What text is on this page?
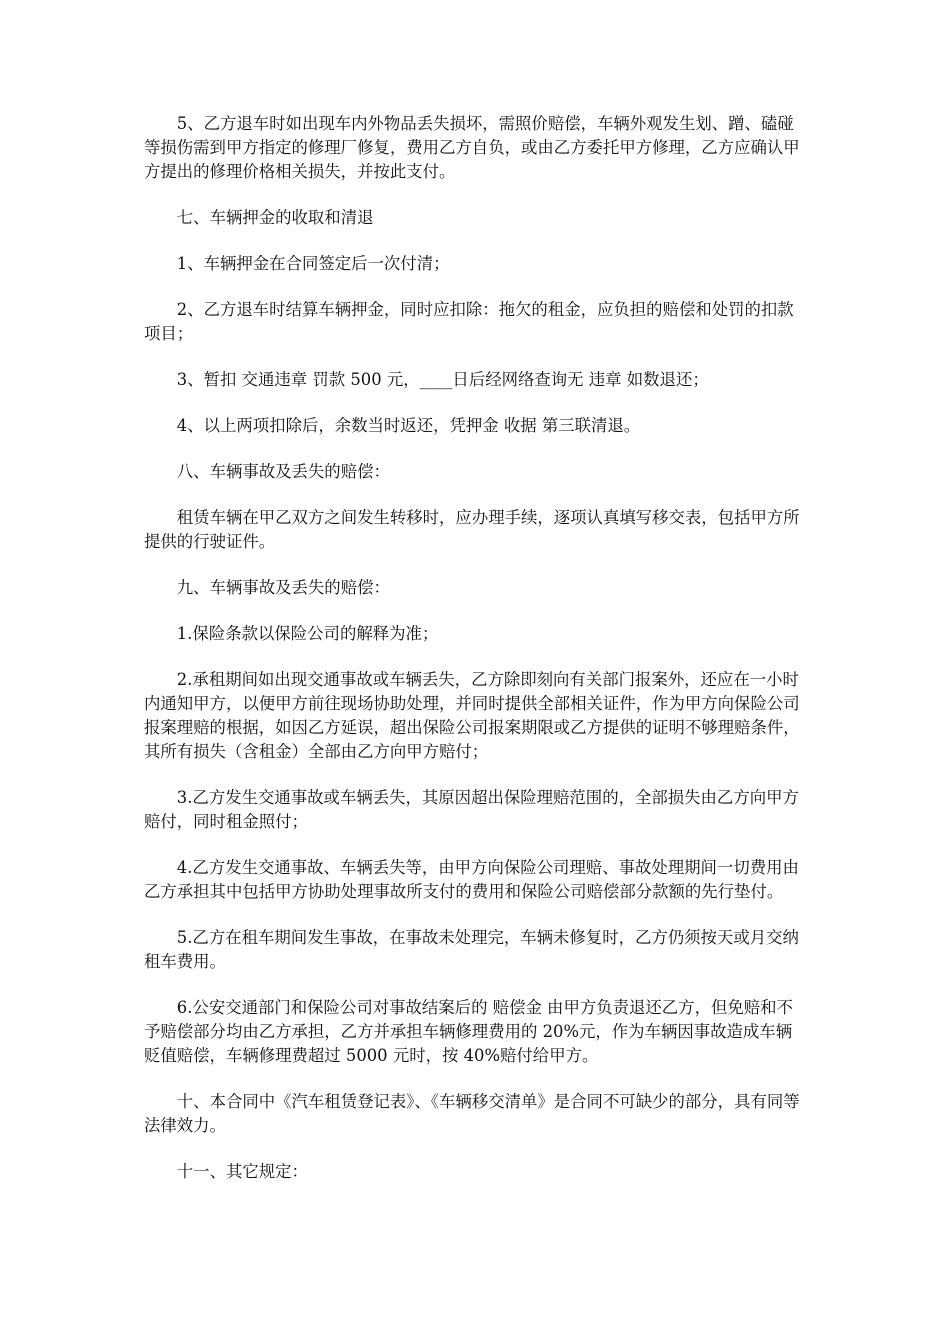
5、乙方退车时如出现车内外物品丢失损坏，需照价赔偿，车辆外观发生划、蹭、磕碰等损伤需到甲方指定的修理厂修复，费用乙方自负，或由乙方委托甲方修理，乙方应确认甲方提出的修理价格相关损失，并按此支付。

七、车辆押金的收取和清退

1、车辆押金在合同签定后一次付清；

2、乙方退车时结算车辆押金，同时应扣除：拖欠的租金，应负担的赔偿和处罚的扣款项目；

3、暂扣 交通违章 罚款 500 元，____日后经网络查询无 违章 如数退还；

4、以上两项扣除后，余数当时返还，凭押金 收据 第三联清退。

八、车辆事故及丢失的赔偿：

租赁车辆在甲乙双方之间发生转移时，应办理手续，逐项认真填写移交表，包括甲方所提供的行驶证件。

九、车辆事故及丢失的赔偿：

1.保险条款以保险公司的解释为准；

2.承租期间如出现交通事故或车辆丢失，乙方除即刻向有关部门报案外，还应在一小时内通知甲方，以便甲方前往现场协助处理，并同时提供全部相关证件，作为甲方向保险公司报案理赔的根据，如因乙方延误，超出保险公司报案期限或乙方提供的证明不够理赔条件，其所有损失（含租金）全部由乙方向甲方赔付；

3.乙方发生交通事故或车辆丢失，其原因超出保险理赔范围的，全部损失由乙方向甲方赔付，同时租金照付；

4.乙方发生交通事故、车辆丢失等，由甲方向保险公司理赔、事故处理期间一切费用由乙方承担其中包括甲方协助处理事故所支付的费用和保险公司赔偿部分款额的先行垫付。

5.乙方在租车期间发生事故，在事故未处理完，车辆未修复时，乙方仍须按天或月交纳租车费用。

6.公安交通部门和保险公司对事故结案后的 赔偿金 由甲方负责退还乙方，但免赔和不予赔偿部分均由乙方承担，乙方并承担车辆修理费用的 20%元，作为车辆因事故造成车辆贬值赔偿，车辆修理费超过 5000 元时，按 40%赔付给甲方。

十、本合同中《汽车租赁登记表》、《车辆移交清单》是合同不可缺少的部分，具有同等法律效力。

十一、其它规定：
